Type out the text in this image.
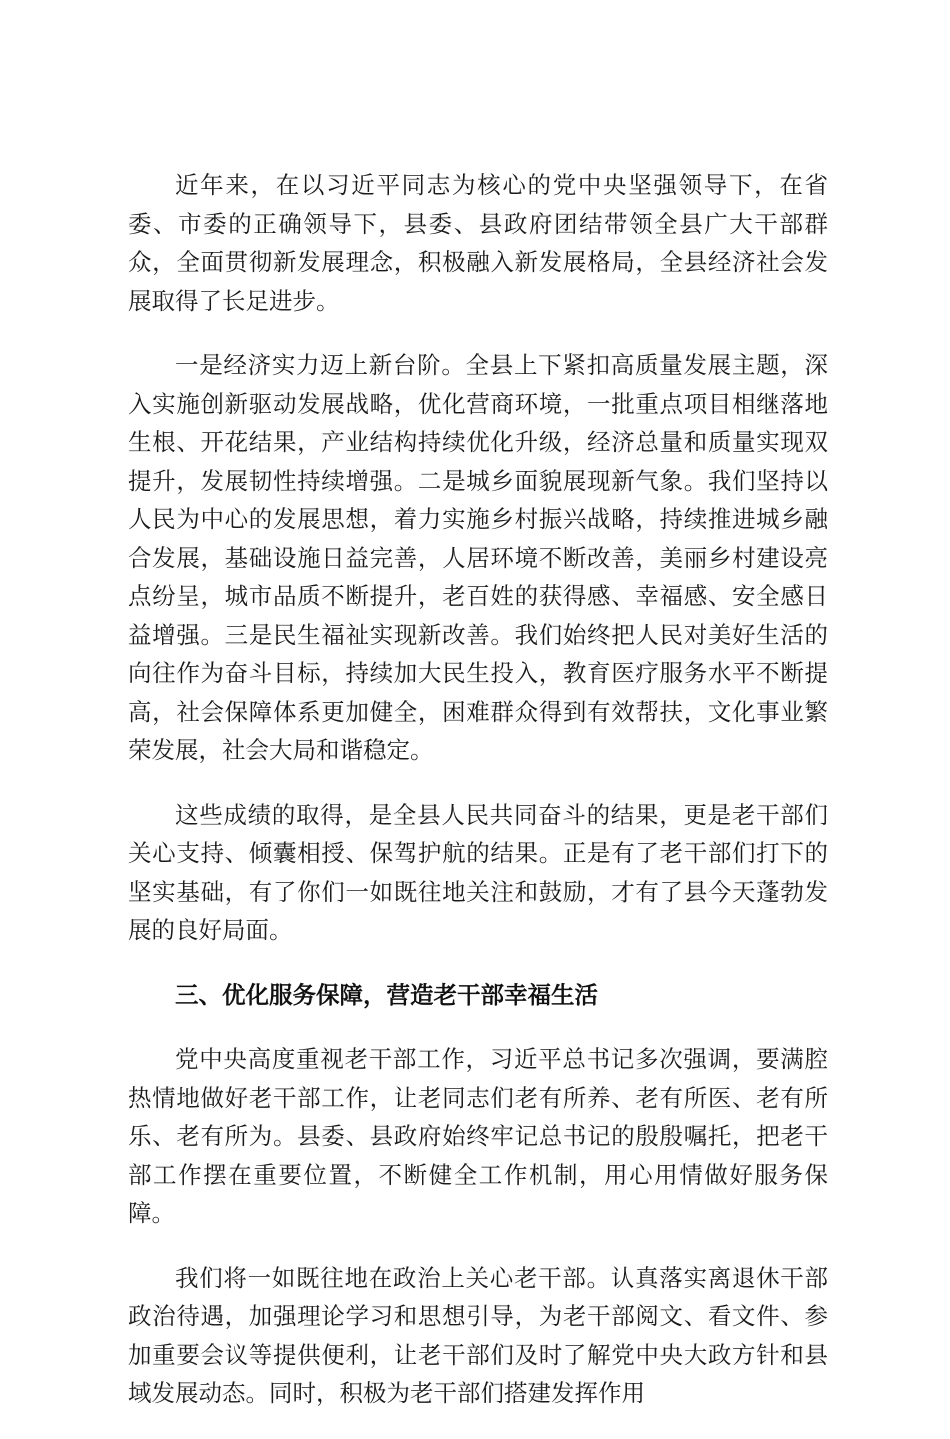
近年来，在以习近平同志为核心的党中央坚强领导下，在省委、市委的正确领导下，县委、县政府团结带领全县广大干部群众，全面贯彻新发展理念，积极融入新发展格局，全县经济社会发展取得了长足进步。

一是经济实力迈上新台阶。全县上下紧扣高质量发展主题，深入实施创新驱动发展战略，优化营商环境，一批重点项目相继落地生根、开花结果，产业结构持续优化升级，经济总量和质量实现双提升，发展韧性持续增强。二是城乡面貌展现新气象。我们坚持以人民为中心的发展思想，着力实施乡村振兴战略，持续推进城乡融合发展，基础设施日益完善，人居环境不断改善，美丽乡村建设亮点纷呈，城市品质不断提升，老百姓的获得感、幸福感、安全感日益增强。三是民生福祉实现新改善。我们始终把人民对美好生活的向往作为奋斗目标，持续加大民生投入，教育医疗服务水平不断提高，社会保障体系更加健全，困难群众得到有效帮扶，文化事业繁荣发展，社会大局和谐稳定。

这些成绩的取得，是全县人民共同奋斗的结果，更是老干部们关心支持、倾囊相授、保驾护航的结果。正是有了老干部们打下的坚实基础，有了你们一如既往地关注和鼓励，才有了县今天蓬勃发展的良好局面。

三、优化服务保障，营造老干部幸福生活

党中央高度重视老干部工作，习近平总书记多次强调，要满腔热情地做好老干部工作，让老同志们老有所养、老有所医、老有所乐、老有所为。县委、县政府始终牢记总书记的殷殷嘱托，把老干部工作摆在重要位置，不断健全工作机制，用心用情做好服务保障。

我们将一如既往地在政治上关心老干部。认真落实离退休干部政治待遇，加强理论学习和思想引导，为老干部阅文、看文件、参加重要会议等提供便利，让老干部们及时了解党中央大政方针和县域发展动态。同时，积极为老干部们搭建发挥作用
